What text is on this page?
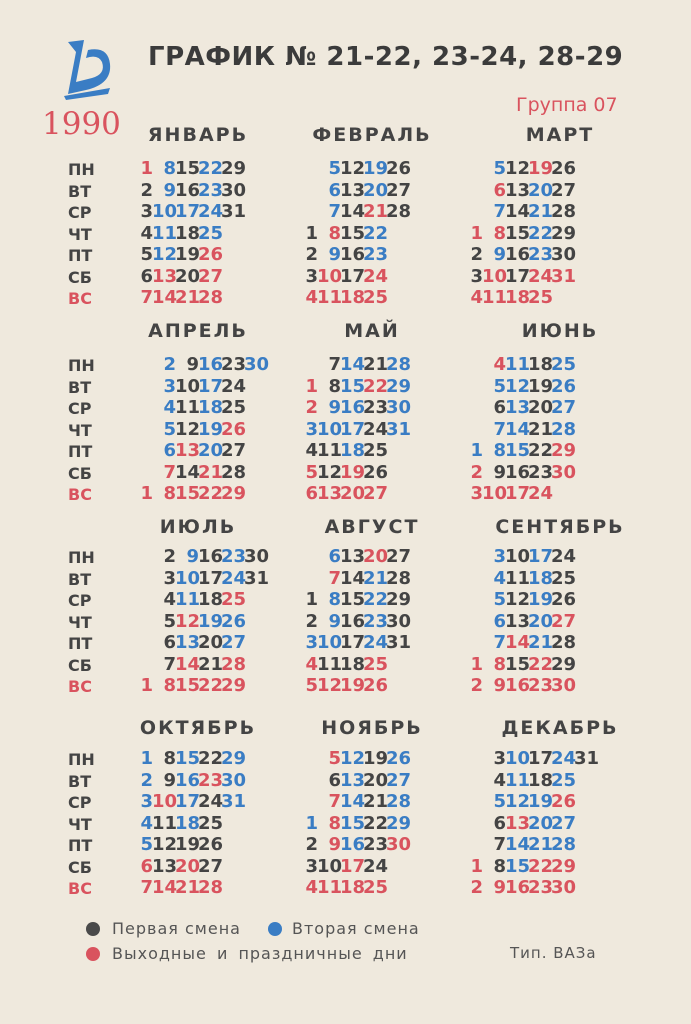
ГРАФИК № 21-22, 23-24, 28-29
Группа 07
1990
ПН
ВТ
СР
ЧТ
ПТ
СБ
ВС
ПН
ВТ
СР
ЧТ
ПТ
СБ
ВС
ПН
ВТ
СР
ЧТ
ПТ
СБ
ВС
ПН
ВТ
СР
ЧТ
ПТ
СБ
ВС
ЯНВАРЬ
1
2
3
4
5
6
7
8
9
10
11
12
13
14
15
16
17
18
19
20
21
22
23
24
25
26
27
28
29
30
31
ФЕВРАЛЬ
1
2
3
4
5
6
7
8
9
10
11
12
13
14
15
16
17
18
19
20
21
22
23
24
25
26
27
28
МАРТ
1
2
3
4
5
6
7
8
9
10
11
12
13
14
15
16
17
18
19
20
21
22
23
24
25
26
27
28
29
30
31
АПРЕЛЬ
1
2
3
4
5
6
7
8
9
10
11
12
13
14
15
16
17
18
19
20
21
22
23
24
25
26
27
28
29
30
МАЙ
1
2
3
4
5
6
7
8
9
10
11
12
13
14
15
16
17
18
19
20
21
22
23
24
25
26
27
28
29
30
31
ИЮНЬ
1
2
3
4
5
6
7
8
9
10
11
12
13
14
15
16
17
18
19
20
21
22
23
24
25
26
27
28
29
30
ИЮЛЬ
1
2
3
4
5
6
7
8
9
10
11
12
13
14
15
16
17
18
19
20
21
22
23
24
25
26
27
28
29
30
31
АВГУСТ
1
2
3
4
5
6
7
8
9
10
11
12
13
14
15
16
17
18
19
20
21
22
23
24
25
26
27
28
29
30
31
СЕНТЯБРЬ
1
2
3
4
5
6
7
8
9
10
11
12
13
14
15
16
17
18
19
20
21
22
23
24
25
26
27
28
29
30
ОКТЯБРЬ
1
2
3
4
5
6
7
8
9
10
11
12
13
14
15
16
17
18
19
20
21
22
23
24
25
26
27
28
29
30
31
НОЯБРЬ
1
2
3
4
5
6
7
8
9
10
11
12
13
14
15
16
17
18
19
20
21
22
23
24
25
26
27
28
29
30
ДЕКАБРЬ
1
2
3
4
5
6
7
8
9
10
11
12
13
14
15
16
17
18
19
20
21
22
23
24
25
26
27
28
29
30
31
Первая смена	Вторая смена
Выходные и праздничные дни	Тип. ВАЗа
